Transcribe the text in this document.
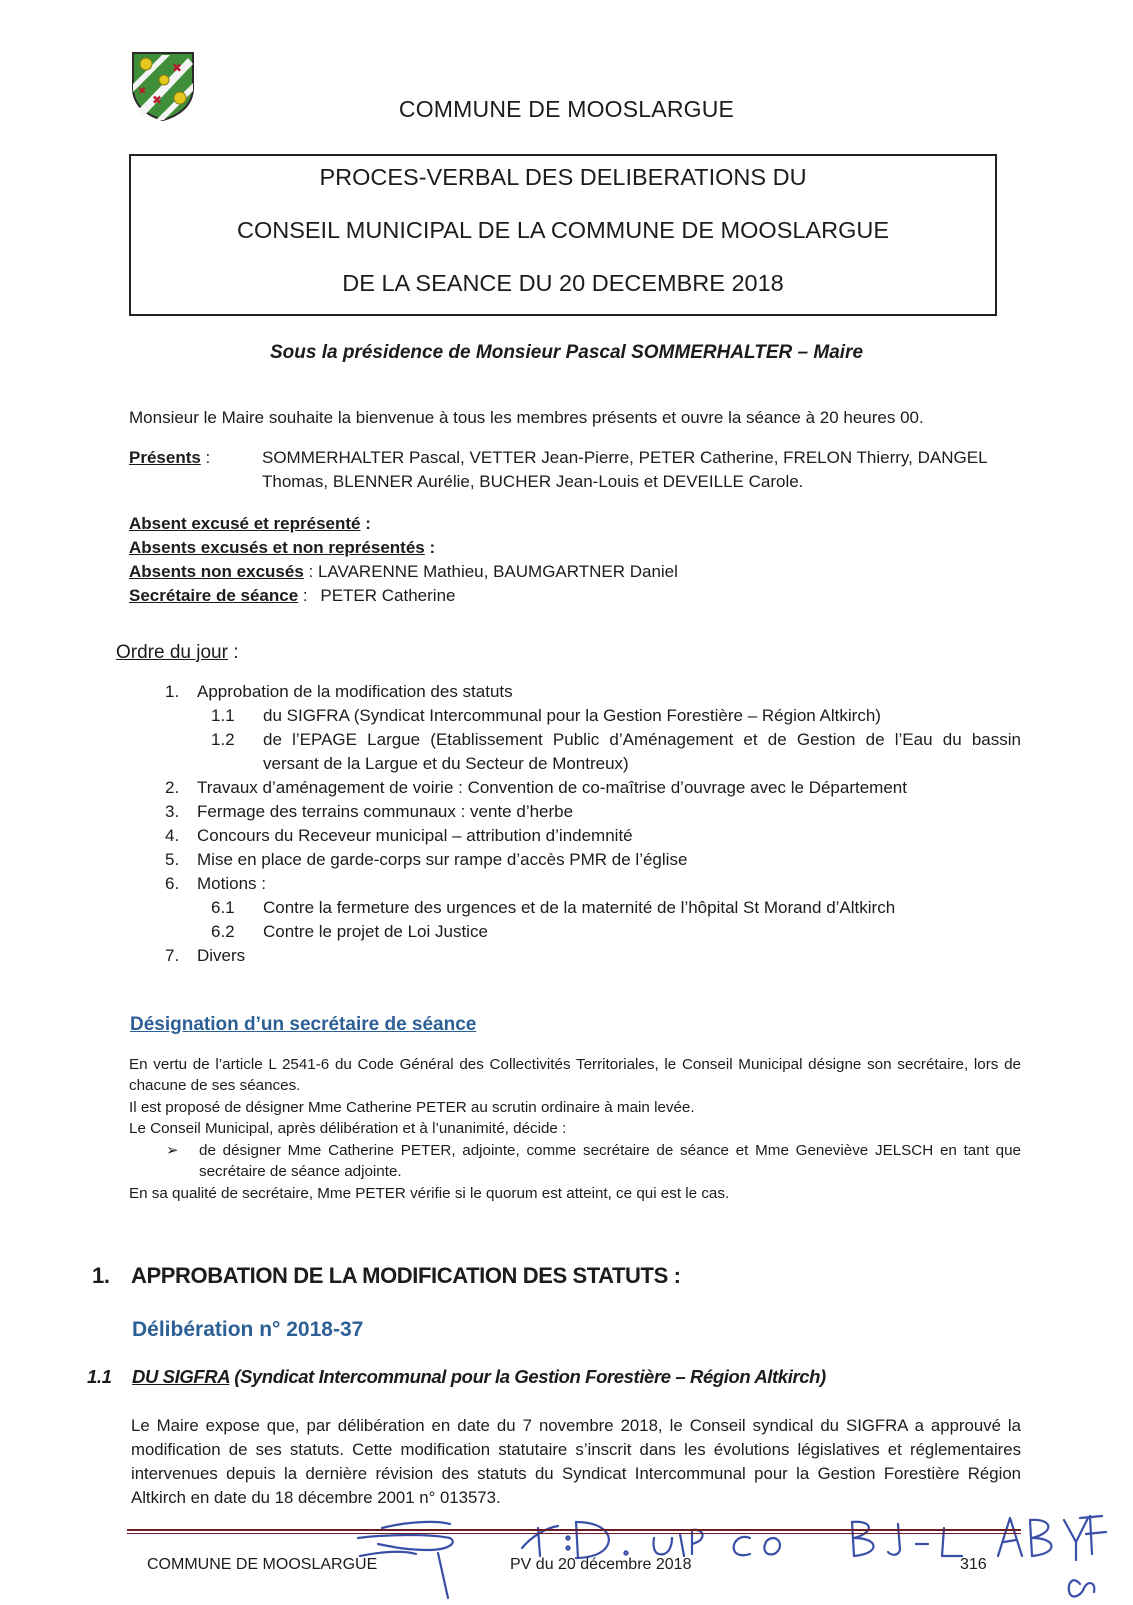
✖
✖
✖
COMMUNE DE MOOSLARGUE
PROCES-VERBAL DES DELIBERATIONS DU
CONSEIL MUNICIPAL DE LA COMMUNE DE MOOSLARGUE
DE LA SEANCE DU 20 DECEMBRE 2018
Sous la présidence de Monsieur Pascal SOMMERHALTER – Maire
Monsieur le Maire souhaite la bienvenue à tous les membres présents et ouvre la séance à 20 heures 00.
Présents :	SOMMERHALTER Pascal, VETTER Jean-Pierre, PETER Catherine, FRELON Thierry, DANGEL
Thomas, BLENNER Aurélie, BUCHER Jean-Louis et DEVEILLE Carole.
Absent excusé et représenté :
Absents excusés et non représentés :
Absents non excusés : LAVARENNE Mathieu, BAUMGARTNER Daniel
Secrétaire de séance : PETER Catherine
Ordre du jour :
1. Approbation de la modification des statuts
1.1 du SIGFRA (Syndicat Intercommunal pour la Gestion Forestière – Région Altkirch)
1.2 de l’EPAGE Largue (Etablissement Public d’Aménagement et de Gestion de l’Eau du bassin
versant de la Largue et du Secteur de Montreux)
2. Travaux d’aménagement de voirie : Convention de co-maîtrise d’ouvrage avec le Département
3. Fermage des terrains communaux : vente d’herbe
4. Concours du Receveur municipal – attribution d’indemnité
5. Mise en place de garde-corps sur rampe d’accès PMR de l’église
6. Motions :
6.1 Contre la fermeture des urgences et de la maternité de l’hôpital St Morand d’Altkirch
6.2 Contre le projet de Loi Justice
7. Divers
Désignation d’un secrétaire de séance
En vertu de l’article L 2541-6 du Code Général des Collectivités Territoriales, le Conseil Municipal désigne son secrétaire, lors de
chacune de ses séances.
Il est proposé de désigner Mme Catherine PETER au scrutin ordinaire à main levée.
Le Conseil Municipal, après délibération et à l’unanimité, décide :
➢ de désigner Mme Catherine PETER, adjointe, comme secrétaire de séance et Mme Geneviève JELSCH en tant que
secrétaire de séance adjointe.
En sa qualité de secrétaire, Mme PETER vérifie si le quorum est atteint, ce qui est le cas.
1. APPROBATION DE LA MODIFICATION DES STATUTS :
Délibération n° 2018-37
1.1 DU SIGFRA (Syndicat Intercommunal pour la Gestion Forestière – Région Altkirch)
Le Maire expose que, par délibération en date du 7 novembre 2018, le Conseil syndical du SIGFRA a approuvé la
modification de ses statuts. Cette modification statutaire s’inscrit dans les évolutions législatives et réglementaires
intervenues depuis la dernière révision des statuts du Syndicat Intercommunal pour la Gestion Forestière Région
Altkirch en date du 18 décembre 2001 n° 013573.
COMMUNE DE MOOSLARGUE	PV du 20 décembre 2018	316
